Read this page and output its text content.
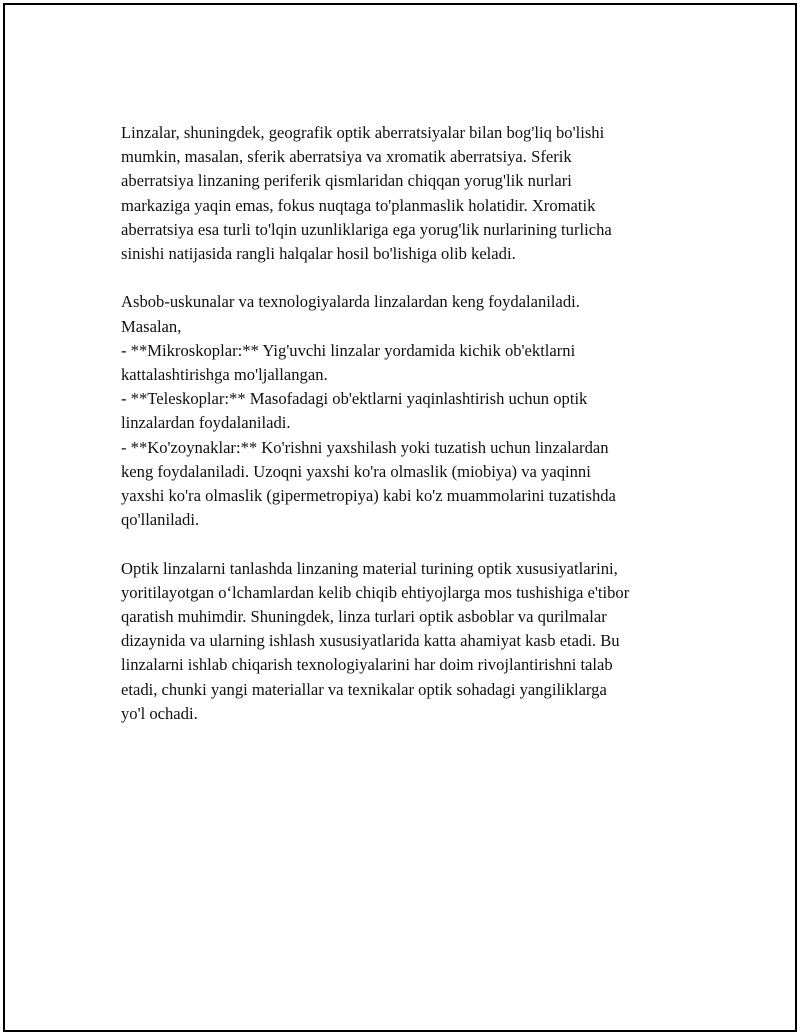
Linzalar, shuningdek, geografik optik aberratsiyalar bilan bog'liq bo'lishi
mumkin, masalan, sferik aberratsiya va xromatik aberratsiya. Sferik
aberratsiya linzaning periferik qismlaridan chiqqan yorug'lik nurlari
markaziga yaqin emas, fokus nuqtaga to'planmaslik holatidir. Xromatik
aberratsiya esa turli to'lqin uzunliklariga ega yorug'lik nurlarining turlicha
sinishi natijasida rangli halqalar hosil bo'lishiga olib keladi.

Asbob-uskunalar va texnologiyalarda linzalardan keng foydalaniladi.
Masalan,
- **Mikroskoplar:** Yig'uvchi linzalar yordamida kichik ob'ektlarni
kattalashtirishga mo'ljallangan.
- **Teleskoplar:** Masofadagi ob'ektlarni yaqinlashtirish uchun optik
linzalardan foydalaniladi.
- **Ko'zoynaklar:** Ko'rishni yaxshilash yoki tuzatish uchun linzalardan
keng foydalaniladi. Uzoqni yaxshi ko'ra olmaslik (miobiya) va yaqinni
yaxshi ko'ra olmaslik (gipermetropiya) kabi ko'z muammolarini tuzatishda
qo'llaniladi.

Optik linzalarni tanlashda linzaning material turining optik xususiyatlarini,
yoritilayotgan o‘lchamlardan kelib chiqib ehtiyojlarga mos tushishiga e'tibor
qaratish muhimdir. Shuningdek, linza turlari optik asboblar va qurilmalar
dizaynida va ularning ishlash xususiyatlarida katta ahamiyat kasb etadi. Bu
linzalarni ishlab chiqarish texnologiyalarini har doim rivojlantirishni talab
etadi, chunki yangi materiallar va texnikalar optik sohadagi yangiliklarga
yo'l ochadi.
